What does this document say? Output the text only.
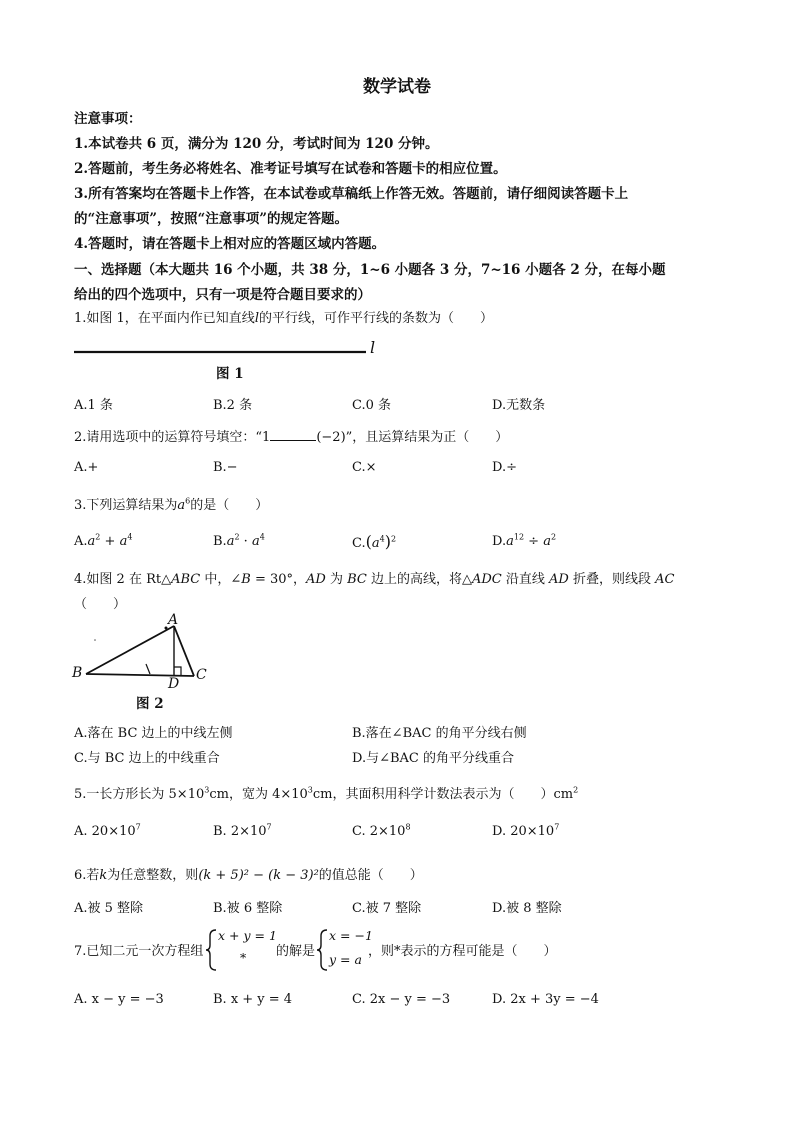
数学试卷
注意事项：
1.本试卷共 6 页，满分为 120 分，考试时间为 120 分钟。
2.答题前，考生务必将姓名、准考证号填写在试卷和答题卡的相应位置。
3.所有答案均在答题卡上作答，在本试卷或草稿纸上作答无效。答题前，请仔细阅读答题卡上
的“注意事项”，按照“注意事项”的规定答题。
4.答题时，请在答题卡上相对应的答题区域内答题。
一、选择题（本大题共 16 个小题，共 38 分，1~6 小题各 3 分，7~16 小题各 2 分，在每小题
给出的四个选项中，只有一项是符合题目要求的）
1.如图 1，在平面内作已知直线l的平行线，可作平行线的条数为（　　）
l
图 1
A.1 条	B.2 条	C.0 条	D.无数条
2.请用选项中的运算符号填空：“1	(−2)”，且运算结果为正（　　）
A.+	B.−	C.×	D.÷
3.下列运算结果为$a^6$的是（　　）
$A.a^2 + a^4$	$B.a^2 \cdot a^4$	$C.(a^4)^2$	$D.a^{12} \div a^2$
4.如图 2 在 Rt△ABC 中，∠B = 30°，AD 为 BC 边上的高线，将△ADC 沿直线 AD 折叠，则线段 AC
（　　）
A
B	C
D
图 2
A.落在 BC 边上的中线左侧	B.落在∠BAC 的角平分线右侧
C.与 BC 边上的中线重合	D.与∠BAC 的角平分线重合
5.一长方形长为 $5\times 10^3cm$，宽为 $4\times 10^3cm$，其面积用科学计数法表示为（　　）$cm^2$
A. $20\times 10^7$	B. $2\times 10^7$	C. $2\times 10^8$	D. $20\times 10^7$
6.若k为任意整数，则(k + 5)² − (k − 3)²的值总能（　　）
A.被 5 整除	B.被 6 整除	C.被 7 整除	D.被 8 整除
7.已知二元一次方程组
x + y = 1
* 的解是
x = −1
y = a
，则*表示的方程可能是（　　）
A. x − y = −3	B. x + y = 4	C. 2x − y = −3	D. 2x + 3y = −4
